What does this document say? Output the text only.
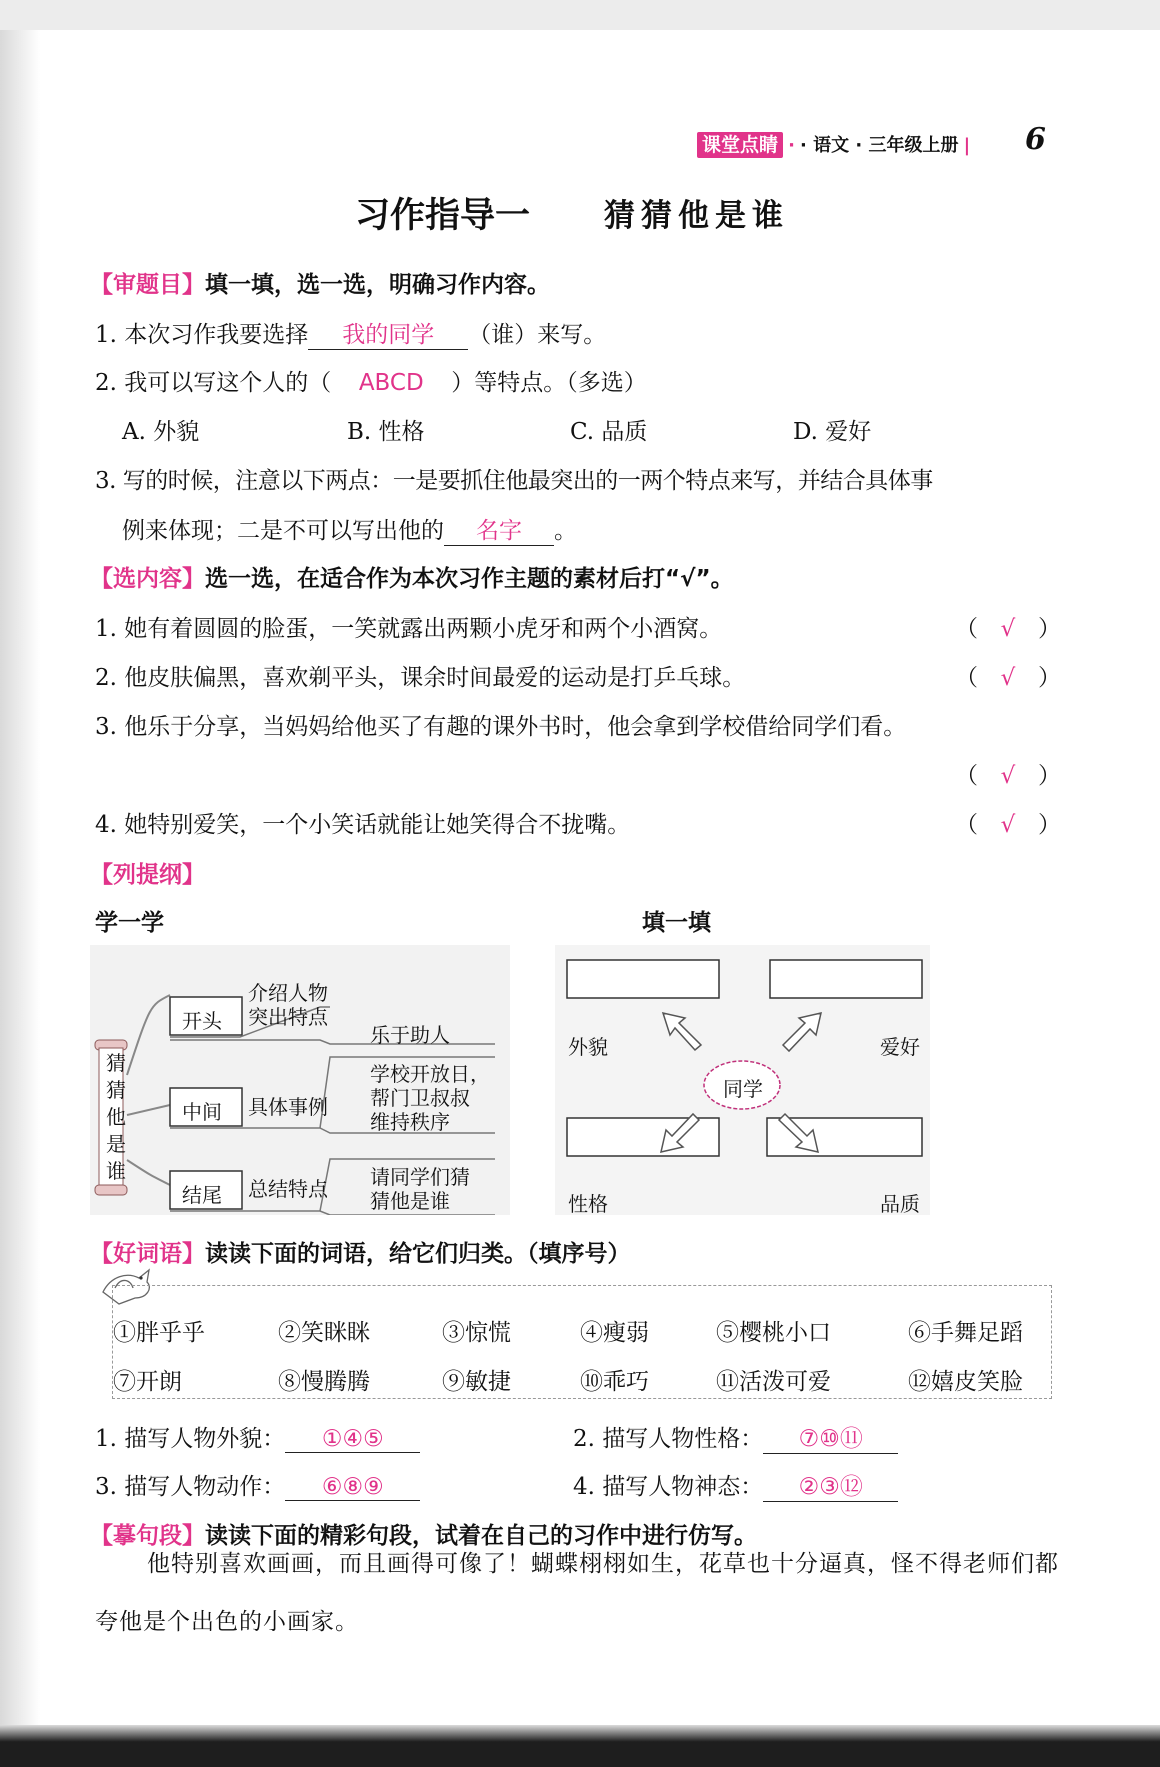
课堂点睛 · · 语文 · 三年级上册 | 6
习作指导一 猜猜他是谁
【审题目】填一填，选一选，明确习作内容。
1. 本次习作我要选择 我的同学 （谁）来写。
2. 我可以写这个人的（ ABCD ）等特点。（多选）
A. 外貌	B. 性格	C. 品质	D. 爱好
3. 写的时候，注意以下两点：一是要抓住他最突出的一两个特点来写，并结合具体事
例来体现；二是不可以写出他的 名字 。
【选内容】选一选，在适合作为本次习作主题的素材后打“√”。
1. 她有着圆圆的脸蛋，一笑就露出两颗小虎牙和两个小酒窝。	（ √ ）
2. 他皮肤偏黑，喜欢剃平头，课余时间最爱的运动是打乒乓球。	（ √ ）
3. 他乐于分享，当妈妈给他买了有趣的课外书时，他会拿到学校借给同学们看。
（ √ ）
4. 她特别爱笑，一个小笑话就能让她笑得合不拢嘴。	（ √ ）
【列提纲】
学一学	填一填
猜
猜
他
是
谁
开头
中间
结尾
介绍人物
突出特点
具体事例
总结特点
乐于助人
学校开放日，
帮门卫叔叔
维持秩序
请同学们猜
猜他是谁
同学
外貌	爱好
性格	品质
【好词语】读读下面的词语，给它们归类。（填序号）
①胖乎乎	②笑眯眯	③惊慌	④瘦弱	⑤樱桃小口	⑥手舞足蹈
⑦开朗	⑧慢腾腾	⑨敏捷	⑩乖巧	⑪活泼可爱	⑫嬉皮笑脸
1. 描写人物外貌： ①④⑤	2. 描写人物性格： ⑦⑩⑪
3. 描写人物动作： ⑥⑧⑨	4. 描写人物神态： ②③⑫
【摹句段】读读下面的精彩句段，试着在自己的习作中进行仿写。
他特别喜欢画画，而且画得可像了！蝴蝶栩栩如生，花草也十分逼真，怪不得老师们都夸他是个出色的小画家。
